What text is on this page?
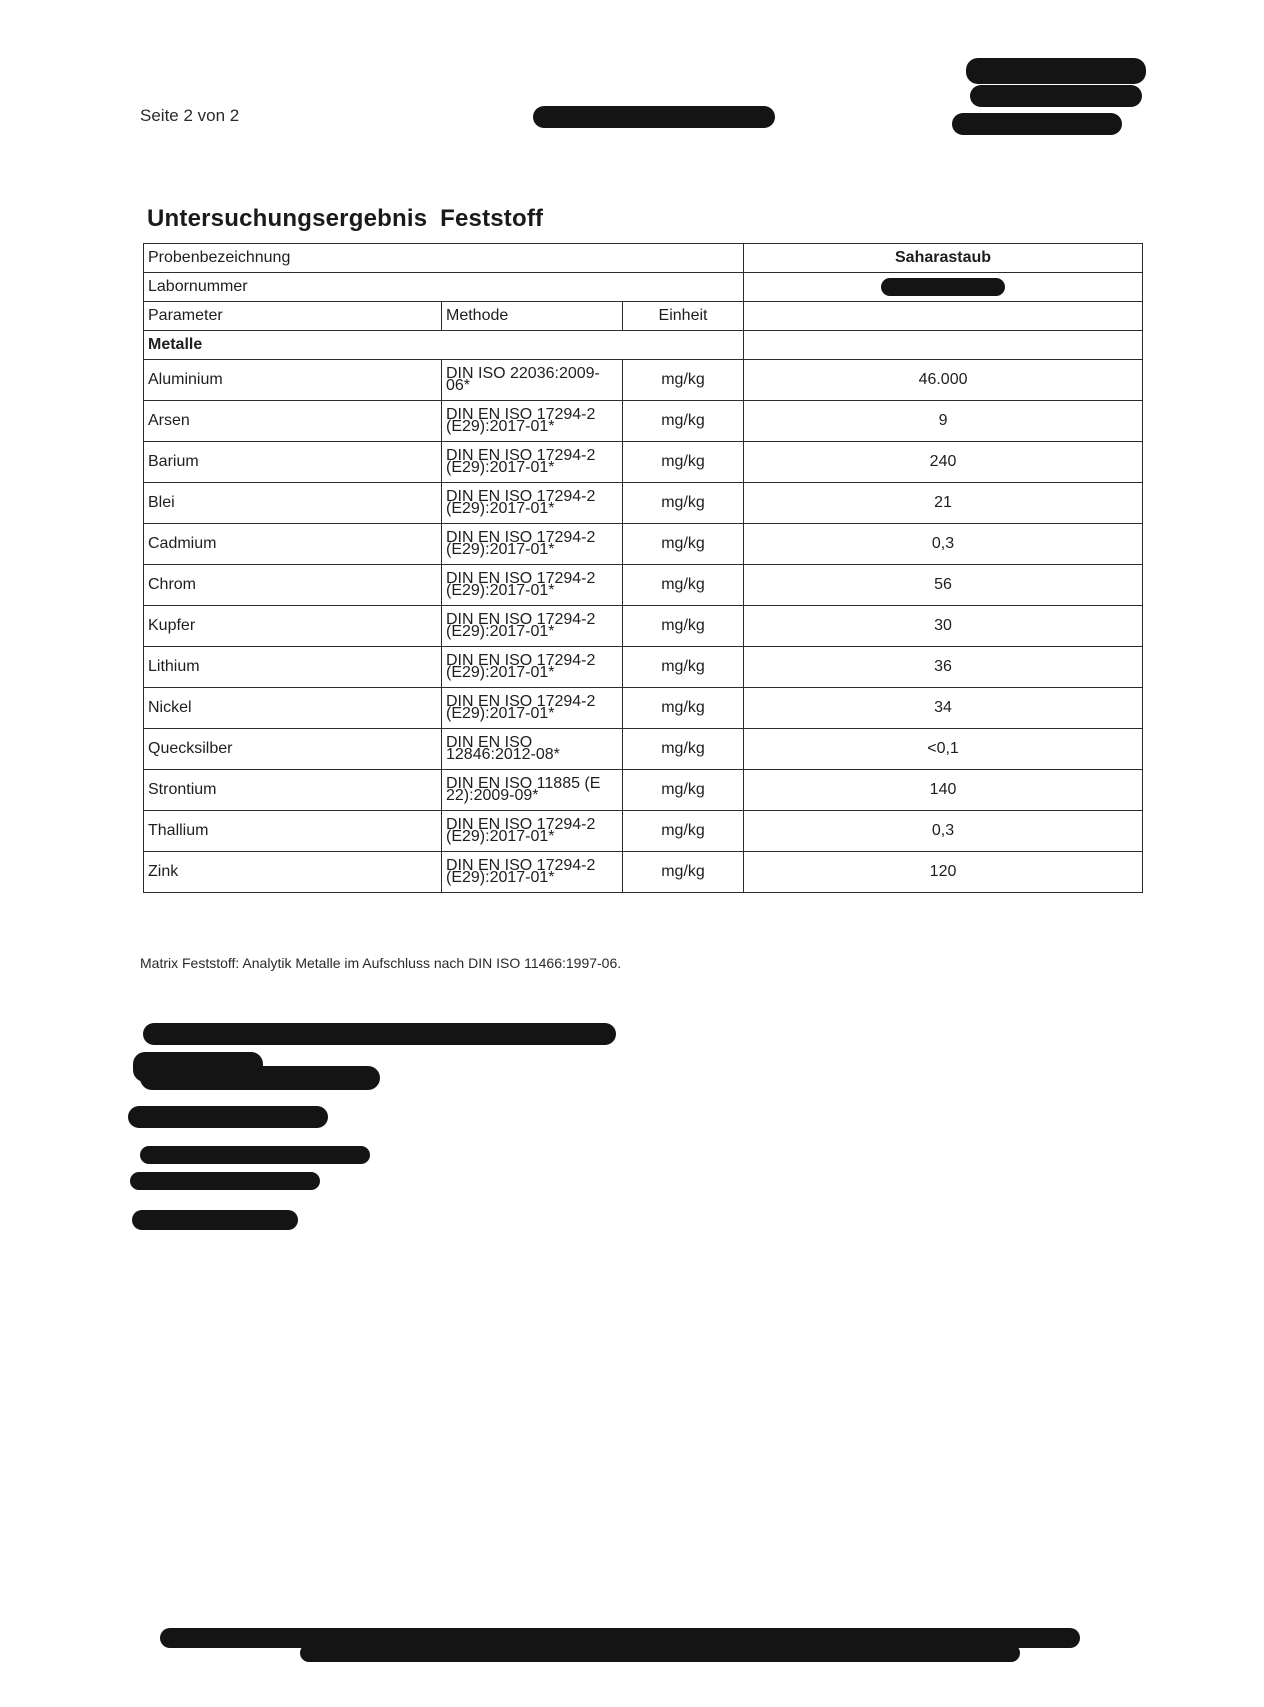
Seite 2 von 2
Untersuchungsergebnis Feststoff
Probenbezeichnung			Saharastaub
Labornummer			
Parameter	Methode	Einheit	
Metalle			
Aluminium	DIN ISO 22036:2009-06*	mg/kg	46.000
Arsen	DIN EN ISO 17294-2 (E29):2017-01*	mg/kg	9
Barium	DIN EN ISO 17294-2 (E29):2017-01*	mg/kg	240
Blei	DIN EN ISO 17294-2 (E29):2017-01*	mg/kg	21
Cadmium	DIN EN ISO 17294-2 (E29):2017-01*	mg/kg	0,3
Chrom	DIN EN ISO 17294-2 (E29):2017-01*	mg/kg	56
Kupfer	DIN EN ISO 17294-2 (E29):2017-01*	mg/kg	30
Lithium	DIN EN ISO 17294-2 (E29):2017-01*	mg/kg	36
Nickel	DIN EN ISO 17294-2 (E29):2017-01*	mg/kg	34
Quecksilber	DIN EN ISO 12846:2012-08*	mg/kg	<0,1
Strontium	DIN EN ISO 11885 (E 22):2009-09*	mg/kg	140
Thallium	DIN EN ISO 17294-2 (E29):2017-01*	mg/kg	0,3
Zink	DIN EN ISO 17294-2 (E29):2017-01*	mg/kg	120
Matrix Feststoff: Analytik Metalle im Aufschluss nach DIN ISO 11466:1997-06.
